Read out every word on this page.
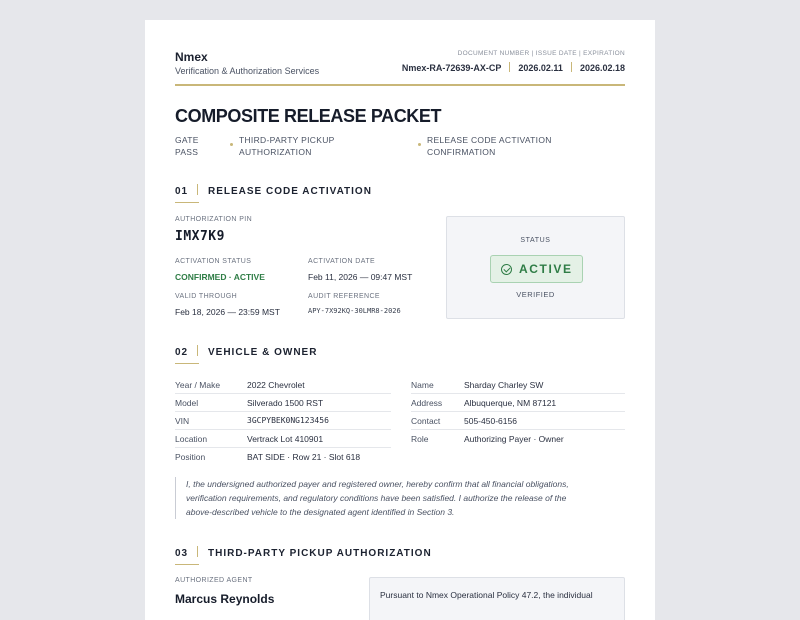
Nmex
Verification & Authorization Services
DOCUMENT NUMBER | ISSUE DATE | EXPIRATION
Nmex-RA-72639-AX-CP 2026.02.11 2026.02.18
COMPOSITE RELEASE PACKET
GATE
PASS
THIRD-PARTY PICKUP
AUTHORIZATION
RELEASE CODE ACTIVATION
CONFIRMATION
01 RELEASE CODE ACTIVATION
AUTHORIZATION PIN
IMX7K9
ACTIVATION STATUS
CONFIRMED · ACTIVE
ACTIVATION DATE
Feb 11, 2026 — 09:47 MST
VALID THROUGH
Feb 18, 2026 — 23:59 MST
AUDIT REFERENCE
APY-7X92KQ-30LMR8-2026
STATUS
ACTIVE
VERIFIED
02 VEHICLE & OWNER
Year / Make	2022 Chevrolet
Model	Silverado 1500 RST
VIN	3GCPYBEK0NG123456
Location	Vertrack Lot 410901
Position	BAT SIDE · Row 21 · Slot 618
Name	Sharday Charley SW
Address	Albuquerque, NM 87121
Contact	505-450-6156
Role	Authorizing Payer · Owner
I, the undersigned authorized payer and registered owner, hereby confirm that all financial obligations,
verification requirements, and regulatory conditions have been satisfied. I authorize the release of the
above-described vehicle to the designated agent identified in Section 3.
03 THIRD-PARTY PICKUP AUTHORIZATION
AUTHORIZED AGENT
Marcus Reynolds	Pursuant to Nmex Operational Policy 47.2, the individual
